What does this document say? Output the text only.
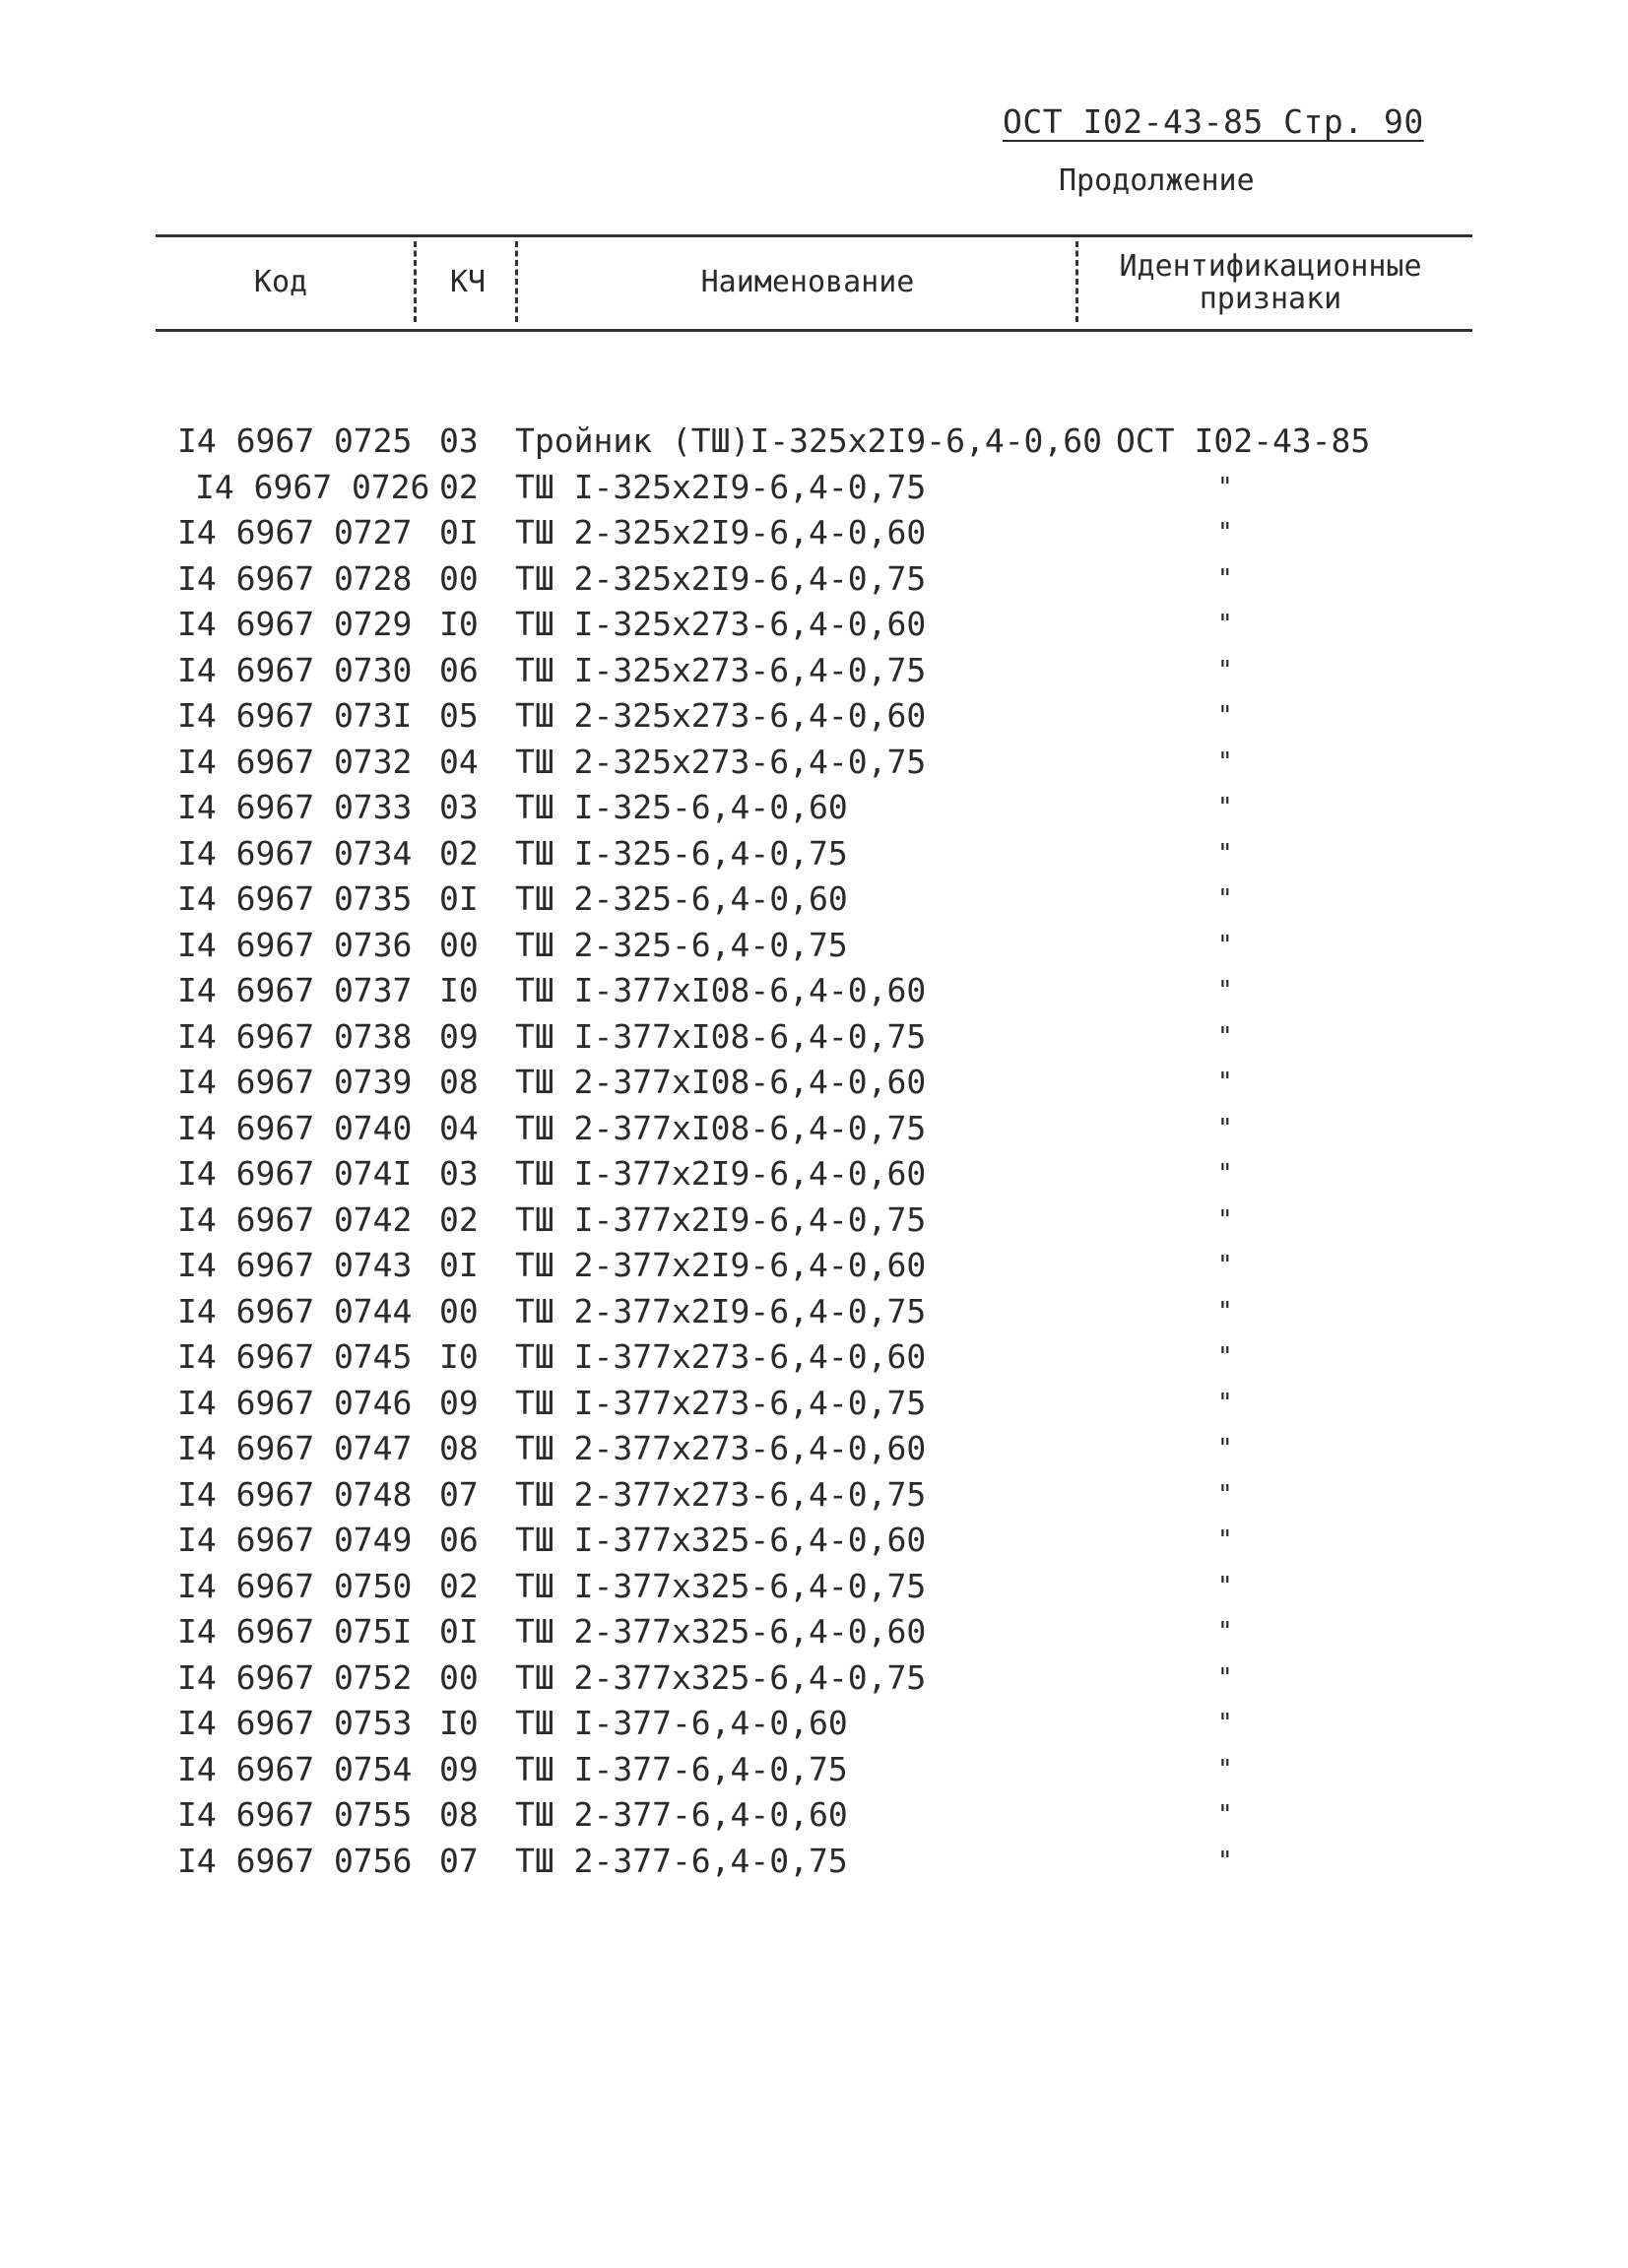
ОСТ I02-43-85 Стр. 90
Продолжение
Код	КЧ	Наименование	Идентификационные признаки
I4 6967 0725 03 Тройник (ТШ)I-325x2I9-6,4-0,60 ОСТ I02-43-85
I4 6967 0726 02 ТШ I-325x2I9-6,4-0,75	"
I4 6967 0727 0I ТШ 2-325x2I9-6,4-0,60	"
I4 6967 0728 00 ТШ 2-325x2I9-6,4-0,75	"
I4 6967 0729 I0 ТШ I-325x273-6,4-0,60	"
I4 6967 0730 06 ТШ I-325x273-6,4-0,75	"
I4 6967 073I 05 ТШ 2-325x273-6,4-0,60	"
I4 6967 0732 04 ТШ 2-325x273-6,4-0,75	"
I4 6967 0733 03 ТШ I-325-6,4-0,60	"
I4 6967 0734 02 ТШ I-325-6,4-0,75	"
I4 6967 0735 0I ТШ 2-325-6,4-0,60	"
I4 6967 0736 00 ТШ 2-325-6,4-0,75	"
I4 6967 0737 I0 ТШ I-377xI08-6,4-0,60	"
I4 6967 0738 09 ТШ I-377xI08-6,4-0,75	"
I4 6967 0739 08 ТШ 2-377xI08-6,4-0,60	"
I4 6967 0740 04 ТШ 2-377xI08-6,4-0,75	"
I4 6967 074I 03 ТШ I-377x2I9-6,4-0,60	"
I4 6967 0742 02 ТШ I-377x2I9-6,4-0,75	"
I4 6967 0743 0I ТШ 2-377x2I9-6,4-0,60	"
I4 6967 0744 00 ТШ 2-377x2I9-6,4-0,75	"
I4 6967 0745 I0 ТШ I-377x273-6,4-0,60	"
I4 6967 0746 09 ТШ I-377x273-6,4-0,75	"
I4 6967 0747 08 ТШ 2-377x273-6,4-0,60	"
I4 6967 0748 07 ТШ 2-377x273-6,4-0,75	"
I4 6967 0749 06 ТШ I-377x325-6,4-0,60	"
I4 6967 0750 02 ТШ I-377x325-6,4-0,75	"
I4 6967 075I 0I ТШ 2-377x325-6,4-0,60	"
I4 6967 0752 00 ТШ 2-377x325-6,4-0,75	"
I4 6967 0753 I0 ТШ I-377-6,4-0,60	"
I4 6967 0754 09 ТШ I-377-6,4-0,75	"
I4 6967 0755 08 ТШ 2-377-6,4-0,60	"
I4 6967 0756 07 ТШ 2-377-6,4-0,75	"
